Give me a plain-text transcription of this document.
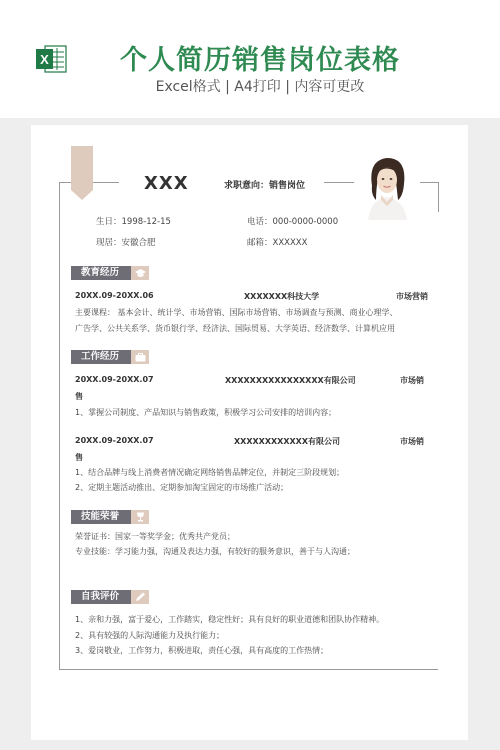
X	个人简历销售岗位表格
Excel格式 | A4打印 | 内容可更改
XXX	求职意向：销售岗位
生日：1998-12-15	电话：000-0000-0000
现居：安徽合肥	邮箱：XXXXXX
教育经历
20XX.09-20XX.06	XXXXXXX科技大学	市场营销
主要课程： 基本会计、统计学、市场营销、国际市场营销、市场调查与预测、商业心理学、
广告学、公共关系学、货币银行学、经济法、国际贸易、大学英语、经济数学、计算机应用
工作经历
20XX.09-20XX.07	XXXXXXXXXXXXXXXX有限公司	市场销
售
1、掌握公司制度、产品知识与销售政策，积极学习公司安排的培训内容；
20XX.09-20XX.07	XXXXXXXXXXXX有限公司	市场销
售
1、结合品牌与线上消费者情况确定网络销售品牌定位，并制定三阶段规划；
2、定期主题活动推出、定期参加淘宝固定的市场推广活动；
技能荣誉
荣誉证书：国家一等奖学金；优秀共产党员；
专业技能：学习能力强，沟通及表达力强，有较好的服务意识，善于与人沟通；
自我评价
1、亲和力强，富于爱心，工作踏实，稳定性好；具有良好的职业道德和团队协作精神。
2、具有较强的人际沟通能力及执行能力；
3、爱岗敬业，工作努力，积极进取，责任心强，具有高度的工作热情；
